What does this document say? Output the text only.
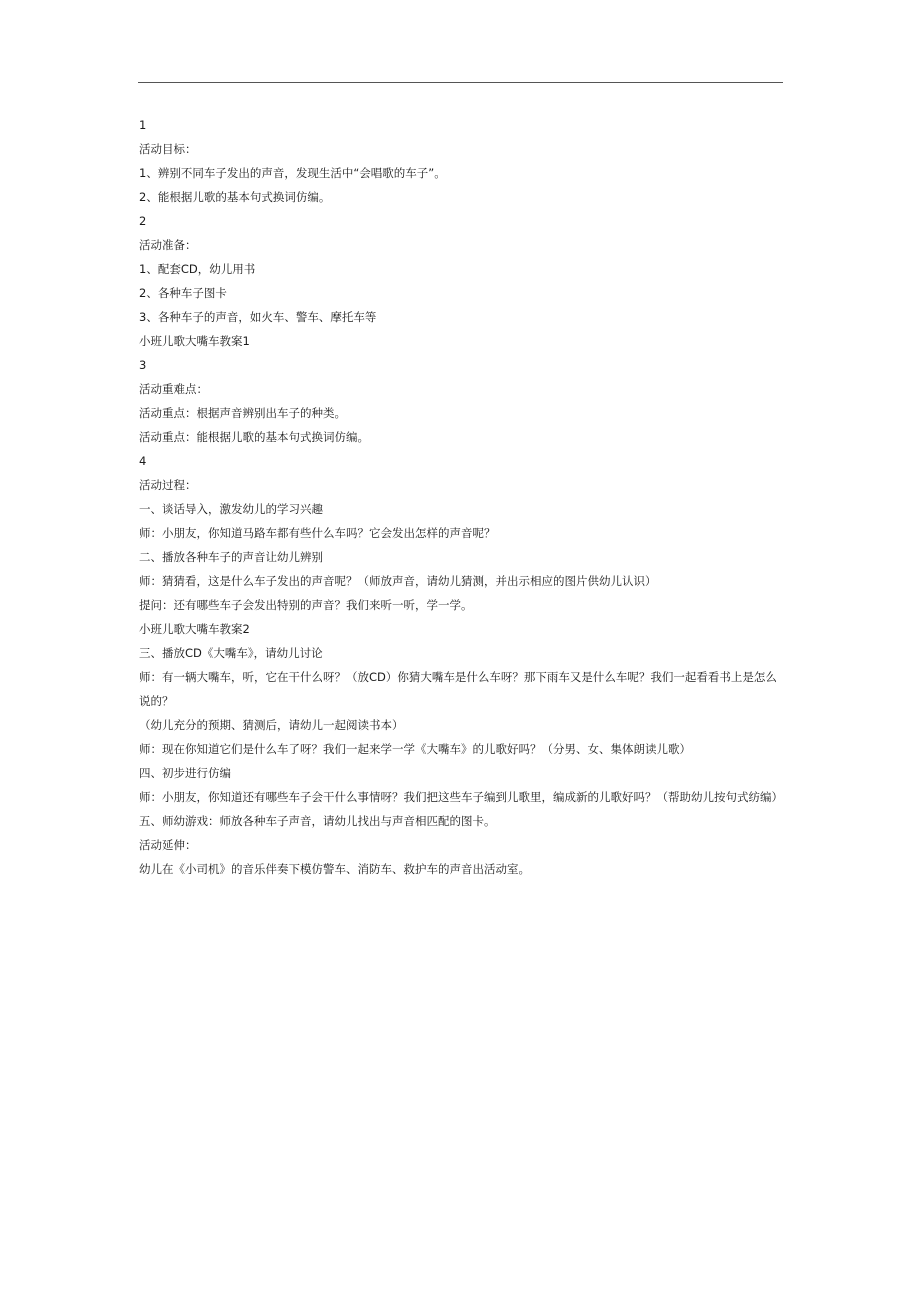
1
活动目标：
1、辨别不同车子发出的声音，发现生活中“会唱歌的车子”。
2、能根据儿歌的基本句式换词仿编。
2
活动准备：
1、配套CD，幼儿用书
2、各种车子图卡
3、各种车子的声音，如火车、警车、摩托车等
小班儿歌大嘴车教案1
3
活动重难点：
活动重点：根据声音辨别出车子的种类。
活动重点：能根据儿歌的基本句式换词仿编。
4
活动过程：
一、谈话导入，激发幼儿的学习兴趣
师：小朋友，你知道马路车都有些什么车吗？它会发出怎样的声音呢？
二、播放各种车子的声音让幼儿辨别
师：猜猜看，这是什么车子发出的声音呢？（师放声音，请幼儿猜测，并出示相应的图片供幼儿认识）
提问：还有哪些车子会发出特别的声音？我们来听一听，学一学。
小班儿歌大嘴车教案2
三、播放CD《大嘴车》，请幼儿讨论
师：有一辆大嘴车，听，它在干什么呀？（放CD）你猜大嘴车是什么车呀？那下雨车又是什么车呢？我们一起看看书上是怎么说的？
（幼儿充分的预期、猜测后，请幼儿一起阅读书本）
师：现在你知道它们是什么车了呀？我们一起来学一学《大嘴车》的儿歌好吗？（分男、女、集体朗读儿歌）
四、初步进行仿编
师：小朋友，你知道还有哪些车子会干什么事情呀？我们把这些车子编到儿歌里，编成新的儿歌好吗？（帮助幼儿按句式纺编）
五、师幼游戏：师放各种车子声音，请幼儿找出与声音相匹配的图卡。
活动延伸：
幼儿在《小司机》的音乐伴奏下模仿警车、消防车、救护车的声音出活动室。
